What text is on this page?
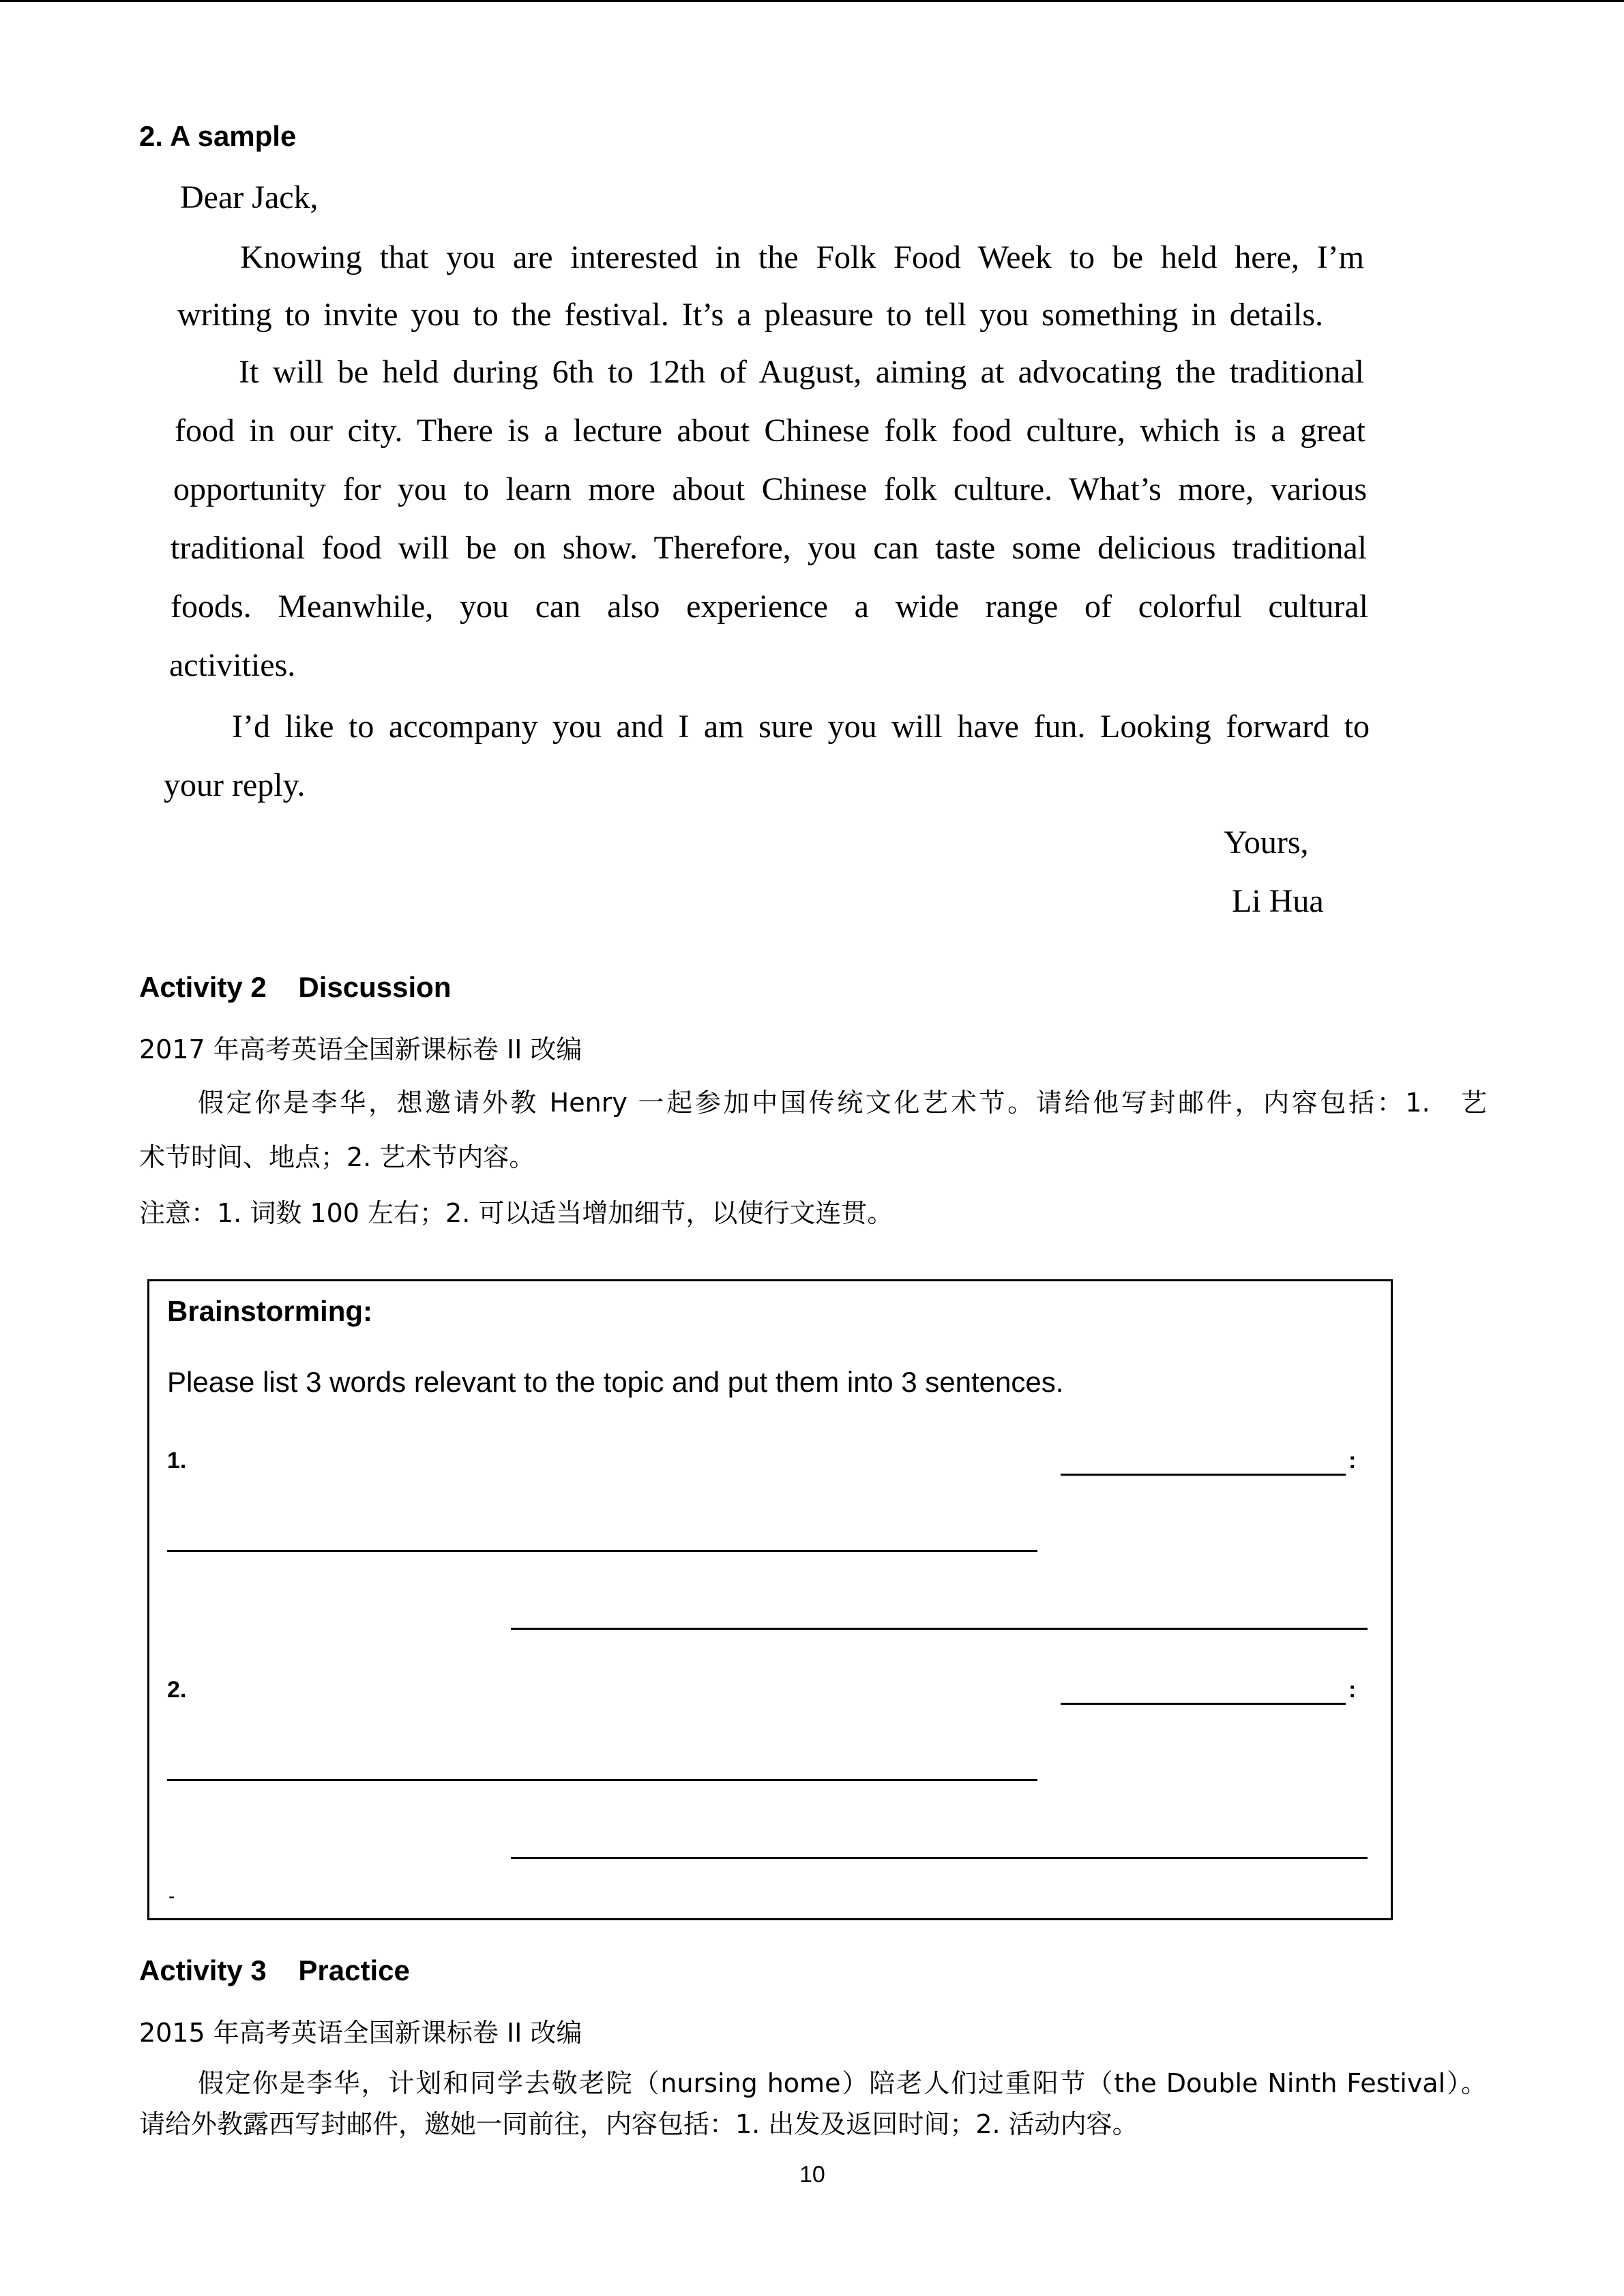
2. A sample
Dear Jack,
Knowing that you are interested in the Folk Food Week to be held here, I’m
writing to invite you to the festival. It’s a pleasure to tell you something in details.
It will be held during 6th to 12th of August, aiming at advocating the traditional
food in our city. There is a lecture about Chinese folk food culture, which is a great
opportunity for you to learn more about Chinese folk culture. What’s more, various
traditional food will be on show. Therefore, you can taste some delicious traditional
foods. Meanwhile, you can also experience a wide range of colorful cultural
activities.
I’d like to accompany you and I am sure you will have fun. Looking forward to
your reply.
Yours,
Li Hua
Activity 2    Discussion
2017 年高考英语全国新课标卷 II 改编
假定你是李华，想邀请外教 Henry 一起参加中国传统文化艺术节。请给他写封邮件，内容包括：1.　艺
术节时间、地点；2. 艺术节内容。
注意：1. 词数 100 左右；2. 可以适当增加细节，以使行文连贯。
Brainstorming:
Please list 3 words relevant to the topic and put them into 3 sentences.
1.	:
2.	:
-
Activity 3    Practice
2015 年高考英语全国新课标卷 II 改编
假定你是李华，计划和同学去敬老院（nursing home）陪老人们过重阳节（the Double Ninth Festival）。
请给外教露西写封邮件，邀她一同前往，内容包括：1. 出发及返回时间；2. 活动内容。
10
